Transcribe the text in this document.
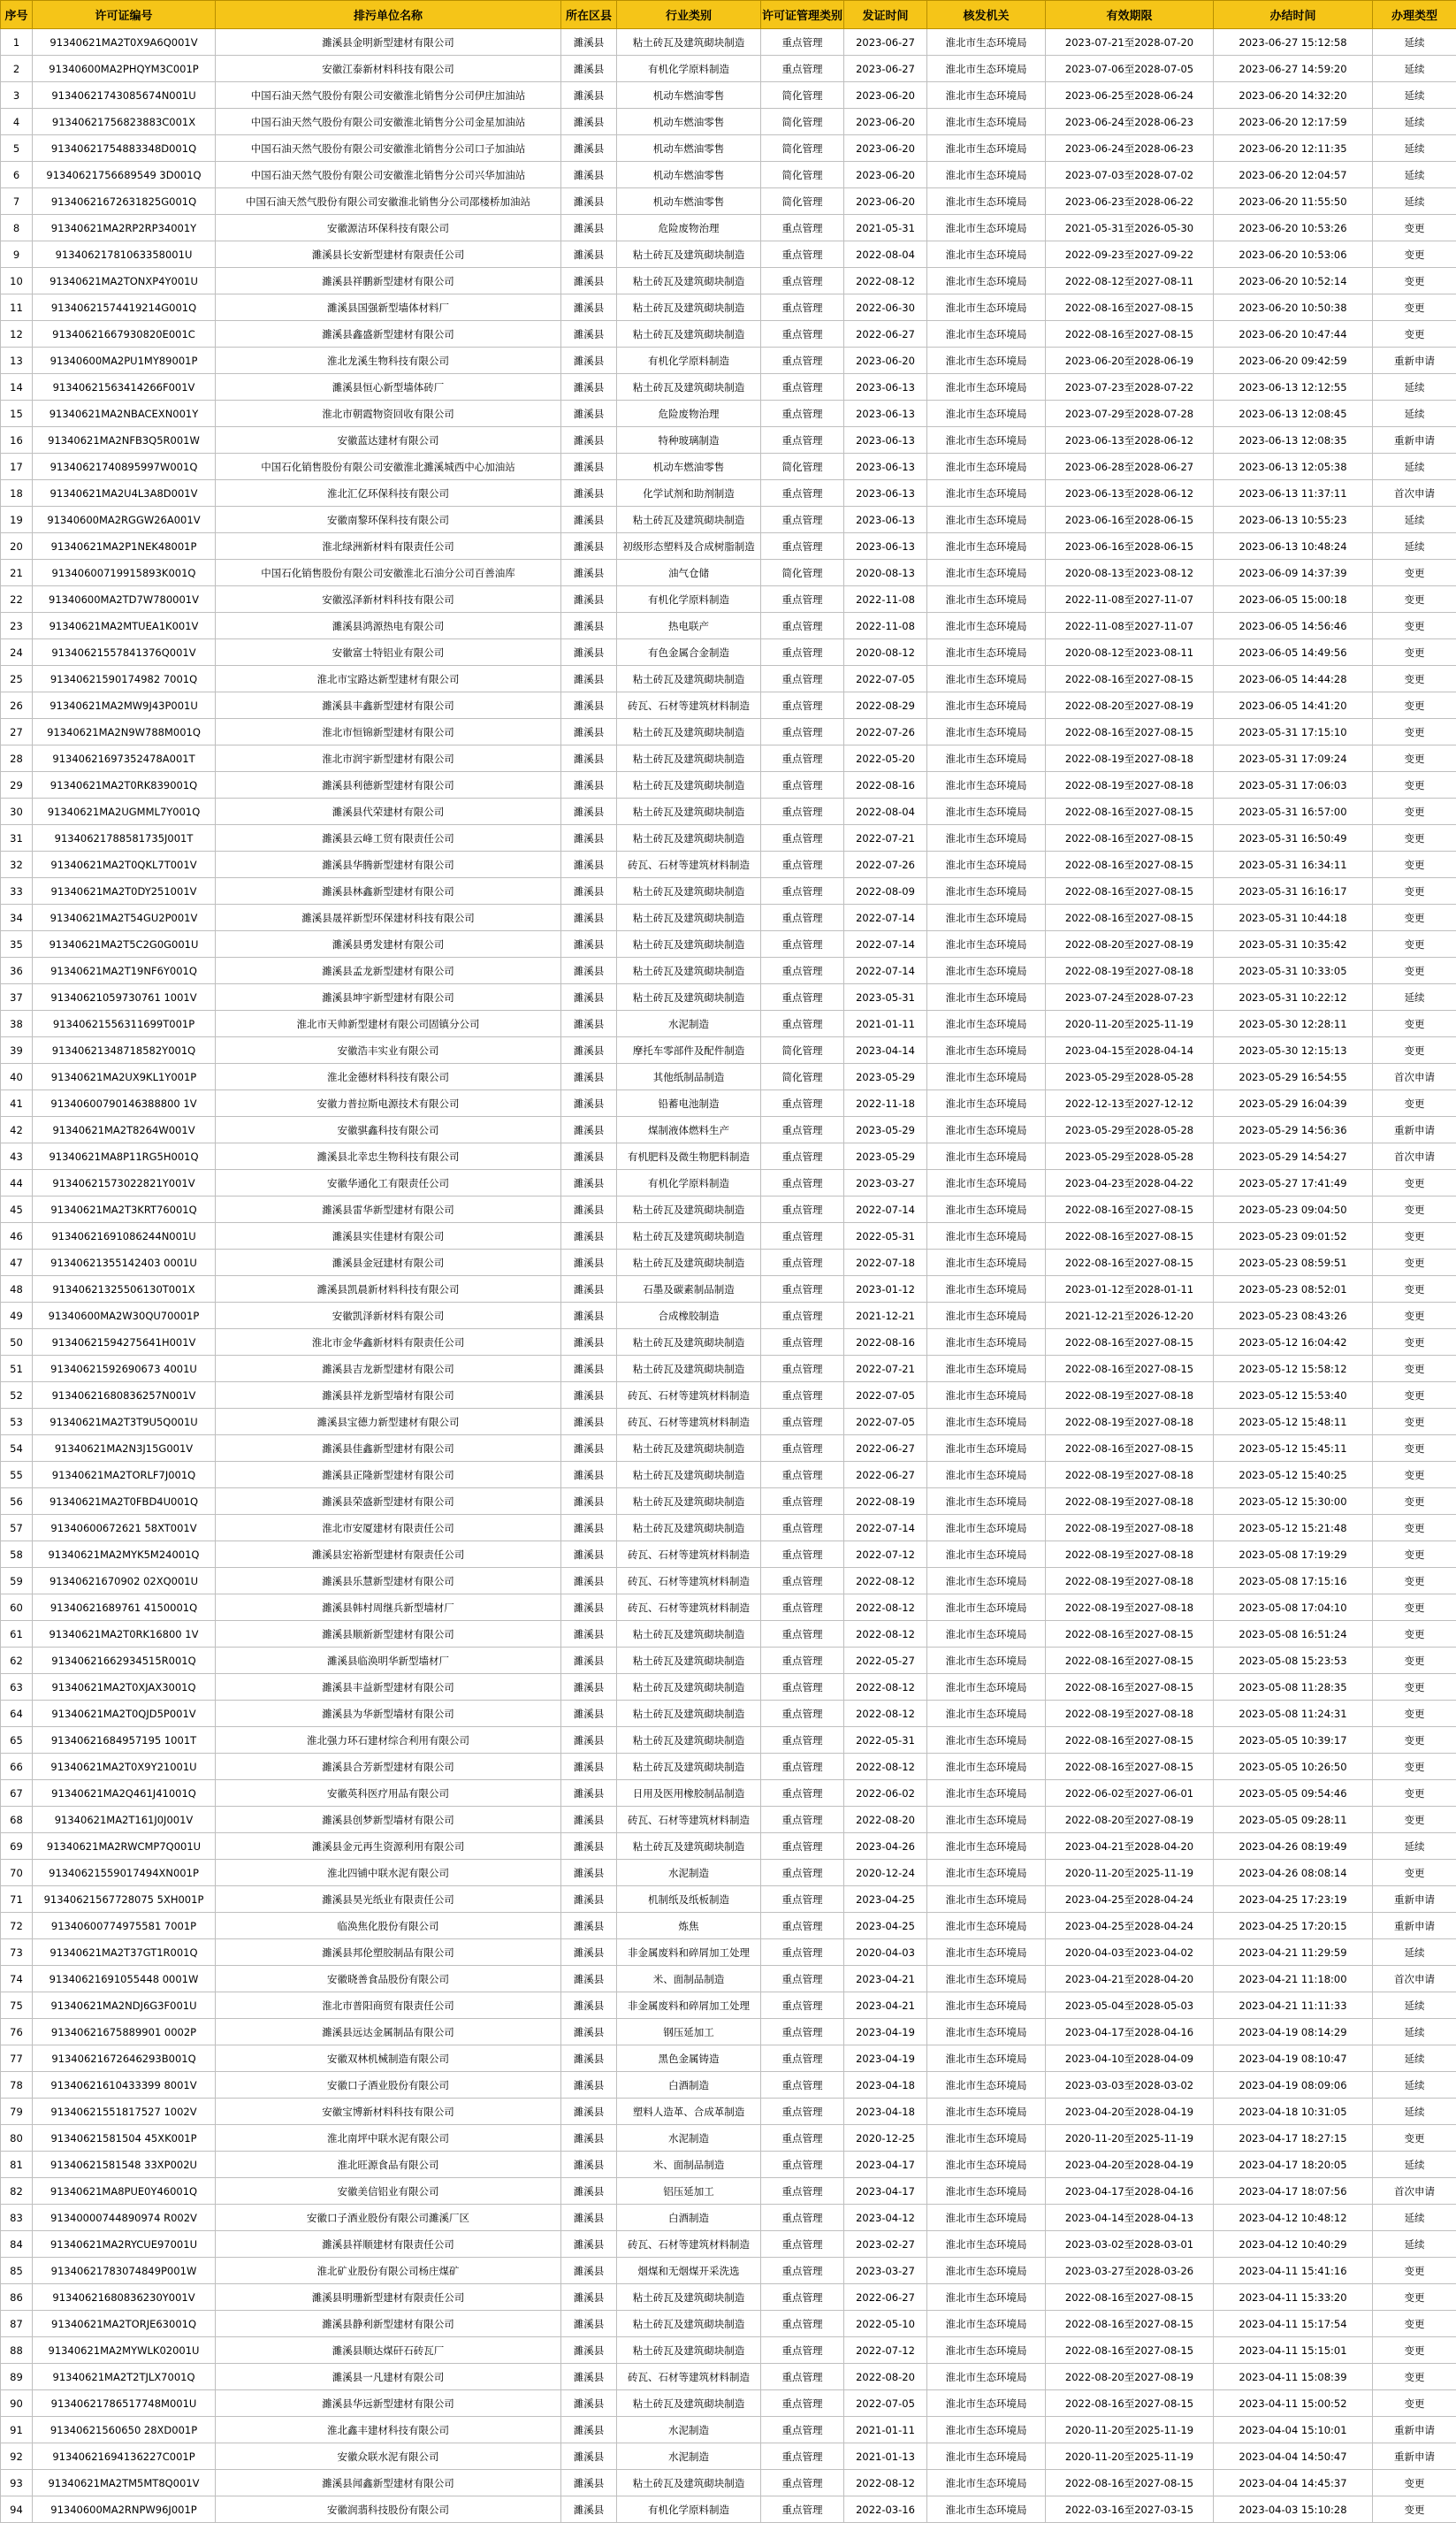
序号	许可证编号	排污单位名称	所在区县	行业类别	许可证管理类别	发证时间	核发机关	有效期限	办结时间	办理类型
1	91340621MA2T0X9A6Q001V	濉溪县金明新型建材有限公司	濉溪县	粘土砖瓦及建筑砌块制造	重点管理	2023-06-27	淮北市生态环境局	2023-07-21至2028-07-20	2023-06-27 15:12:58	延续
2	91340600MA2PHQYM3C001P	安徽江泰新材料科技有限公司	濉溪县	有机化学原料制造	重点管理	2023-06-27	淮北市生态环境局	2023-07-06至2028-07-05	2023-06-27 14:59:20	延续
3	91340621743085674N001U	中国石油天然气股份有限公司安徽淮北销售分公司伊庄加油站	濉溪县	机动车燃油零售	简化管理	2023-06-20	淮北市生态环境局	2023-06-25至2028-06-24	2023-06-20 14:32:20	延续
4	91340621756823883C001X	中国石油天然气股份有限公司安徽淮北销售分公司金星加油站	濉溪县	机动车燃油零售	简化管理	2023-06-20	淮北市生态环境局	2023-06-24至2028-06-23	2023-06-20 12:17:59	延续
5	91340621754883348D001Q	中国石油天然气股份有限公司安徽淮北销售分公司口子加油站	濉溪县	机动车燃油零售	简化管理	2023-06-20	淮北市生态环境局	2023-06-24至2028-06-23	2023-06-20 12:11:35	延续
6	91340621756689549 3D001Q	中国石油天然气股份有限公司安徽淮北销售分公司兴华加油站	濉溪县	机动车燃油零售	简化管理	2023-06-20	淮北市生态环境局	2023-07-03至2028-07-02	2023-06-20 12:04:57	延续
7	91340621672631825G001Q	中国石油天然气股份有限公司安徽淮北销售分公司邵楼桥加油站	濉溪县	机动车燃油零售	简化管理	2023-06-20	淮北市生态环境局	2023-06-23至2028-06-22	2023-06-20 11:55:50	延续
8	91340621MA2RP2RP34001Y	安徽源洁环保科技有限公司	濉溪县	危险废物治理	重点管理	2021-05-31	淮北市生态环境局	2021-05-31至2026-05-30	2023-06-20 10:53:26	变更
9	91340621781063358001U	濉溪县长安新型建材有限责任公司	濉溪县	粘土砖瓦及建筑砌块制造	重点管理	2022-08-04	淮北市生态环境局	2022-09-23至2027-09-22	2023-06-20 10:53:06	变更
10	91340621MA2TONXP4Y001U	濉溪县祥鹏新型建材有限公司	濉溪县	粘土砖瓦及建筑砌块制造	重点管理	2022-08-12	淮北市生态环境局	2022-08-12至2027-08-11	2023-06-20 10:52:14	变更
11	91340621574419214G001Q	濉溪县国强新型墙体材料厂	濉溪县	粘土砖瓦及建筑砌块制造	重点管理	2022-06-30	淮北市生态环境局	2022-08-16至2027-08-15	2023-06-20 10:50:38	变更
12	91340621667930820E001C	濉溪县鑫盛新型建材有限公司	濉溪县	粘土砖瓦及建筑砌块制造	重点管理	2022-06-27	淮北市生态环境局	2022-08-16至2027-08-15	2023-06-20 10:47:44	变更
13	91340600MA2PU1MY89001P	淮北龙溪生物科技有限公司	濉溪县	有机化学原料制造	重点管理	2023-06-20	淮北市生态环境局	2023-06-20至2028-06-19	2023-06-20 09:42:59	重新申请
14	91340621563414266F001V	濉溪县恒心新型墙体砖厂	濉溪县	粘土砖瓦及建筑砌块制造	重点管理	2023-06-13	淮北市生态环境局	2023-07-23至2028-07-22	2023-06-13 12:12:55	延续
15	91340621MA2NBACEXN001Y	淮北市朝霞物资回收有限公司	濉溪县	危险废物治理	重点管理	2023-06-13	淮北市生态环境局	2023-07-29至2028-07-28	2023-06-13 12:08:45	延续
16	91340621MA2NFB3Q5R001W	安徽蓝达建材有限公司	濉溪县	特种玻璃制造	重点管理	2023-06-13	淮北市生态环境局	2023-06-13至2028-06-12	2023-06-13 12:08:35	重新申请
17	91340621740895997W001Q	中国石化销售股份有限公司安徽淮北濉溪城西中心加油站	濉溪县	机动车燃油零售	简化管理	2023-06-13	淮北市生态环境局	2023-06-28至2028-06-27	2023-06-13 12:05:38	延续
18	91340621MA2U4L3A8D001V	淮北汇亿环保科技有限公司	濉溪县	化学试剂和助剂制造	重点管理	2023-06-13	淮北市生态环境局	2023-06-13至2028-06-12	2023-06-13 11:37:11	首次申请
19	91340600MA2RGGW26A001V	安徽南黎环保科技有限公司	濉溪县	粘土砖瓦及建筑砌块制造	重点管理	2023-06-13	淮北市生态环境局	2023-06-16至2028-06-15	2023-06-13 10:55:23	延续
20	91340621MA2P1NEK48001P	淮北绿洲新材料有限责任公司	濉溪县	初级形态塑料及合成树脂制造	重点管理	2023-06-13	淮北市生态环境局	2023-06-16至2028-06-15	2023-06-13 10:48:24	延续
21	91340600719915893K001Q	中国石化销售股份有限公司安徽淮北石油分公司百善油库	濉溪县	油气仓储	简化管理	2020-08-13	淮北市生态环境局	2020-08-13至2023-08-12	2023-06-09 14:37:39	变更
22	91340600MA2TD7W780001V	安徽泓泽新材料科技有限公司	濉溪县	有机化学原料制造	重点管理	2022-11-08	淮北市生态环境局	2022-11-08至2027-11-07	2023-06-05 15:00:18	变更
23	91340621MA2MTUEA1K001V	濉溪县鸿源热电有限公司	濉溪县	热电联产	重点管理	2022-11-08	淮北市生态环境局	2022-11-08至2027-11-07	2023-06-05 14:56:46	变更
24	91340621557841376Q001V	安徽富士特铝业有限公司	濉溪县	有色金属合金制造	重点管理	2020-08-12	淮北市生态环境局	2020-08-12至2023-08-11	2023-06-05 14:49:56	变更
25	91340621590174982 7001Q	淮北市宝路达新型建材有限公司	濉溪县	粘土砖瓦及建筑砌块制造	重点管理	2022-07-05	淮北市生态环境局	2022-08-16至2027-08-15	2023-06-05 14:44:28	变更
26	91340621MA2MW9J43P001U	濉溪县丰鑫新型建材有限公司	濉溪县	砖瓦、石材等建筑材料制造	重点管理	2022-08-29	淮北市生态环境局	2022-08-20至2027-08-19	2023-06-05 14:41:20	变更
27	91340621MA2N9W788M001Q	淮北市恒锦新型建材有限公司	濉溪县	粘土砖瓦及建筑砌块制造	重点管理	2022-07-26	淮北市生态环境局	2022-08-16至2027-08-15	2023-05-31 17:15:10	变更
28	91340621697352478A001T	淮北市润宇新型建材有限公司	濉溪县	粘土砖瓦及建筑砌块制造	重点管理	2022-05-20	淮北市生态环境局	2022-08-19至2027-08-18	2023-05-31 17:09:24	变更
29	91340621MA2T0RK839001Q	濉溪县利德新型建材有限公司	濉溪县	粘土砖瓦及建筑砌块制造	重点管理	2022-08-16	淮北市生态环境局	2022-08-19至2027-08-18	2023-05-31 17:06:03	变更
30	91340621MA2UGMML7Y001Q	濉溪县代荣建材有限公司	濉溪县	粘土砖瓦及建筑砌块制造	重点管理	2022-08-04	淮北市生态环境局	2022-08-16至2027-08-15	2023-05-31 16:57:00	变更
31	91340621788581735J001T	濉溪县云峰工贸有限责任公司	濉溪县	粘土砖瓦及建筑砌块制造	重点管理	2022-07-21	淮北市生态环境局	2022-08-16至2027-08-15	2023-05-31 16:50:49	变更
32	91340621MA2T0QKL7T001V	濉溪县华腾新型建材有限公司	濉溪县	砖瓦、石材等建筑材料制造	重点管理	2022-07-26	淮北市生态环境局	2022-08-16至2027-08-15	2023-05-31 16:34:11	变更
33	91340621MA2T0DY251001V	濉溪县林鑫新型建材有限公司	濉溪县	粘土砖瓦及建筑砌块制造	重点管理	2022-08-09	淮北市生态环境局	2022-08-16至2027-08-15	2023-05-31 16:16:17	变更
34	91340621MA2T54GU2P001V	濉溪县晟祥新型环保建材科技有限公司	濉溪县	粘土砖瓦及建筑砌块制造	重点管理	2022-07-14	淮北市生态环境局	2022-08-16至2027-08-15	2023-05-31 10:44:18	变更
35	91340621MA2T5C2G0G001U	濉溪县勇发建材有限公司	濉溪县	粘土砖瓦及建筑砌块制造	重点管理	2022-07-14	淮北市生态环境局	2022-08-20至2027-08-19	2023-05-31 10:35:42	变更
36	91340621MA2T19NF6Y001Q	濉溪县孟龙新型建材有限公司	濉溪县	粘土砖瓦及建筑砌块制造	重点管理	2022-07-14	淮北市生态环境局	2022-08-19至2027-08-18	2023-05-31 10:33:05	变更
37	91340621059730761 1001V	濉溪县坤宇新型建材有限公司	濉溪县	粘土砖瓦及建筑砌块制造	重点管理	2023-05-31	淮北市生态环境局	2023-07-24至2028-07-23	2023-05-31 10:22:12	延续
38	91340621556311699T001P	淮北市天帅新型建材有限公司固镇分公司	濉溪县	水泥制造	重点管理	2021-01-11	淮北市生态环境局	2020-11-20至2025-11-19	2023-05-30 12:28:11	变更
39	91340621348718582Y001Q	安徽浩丰实业有限公司	濉溪县	摩托车零部件及配件制造	简化管理	2023-04-14	淮北市生态环境局	2023-04-15至2028-04-14	2023-05-30 12:15:13	变更
40	91340621MA2UX9KL1Y001P	淮北金德材料科技有限公司	濉溪县	其他纸制品制造	简化管理	2023-05-29	淮北市生态环境局	2023-05-29至2028-05-28	2023-05-29 16:54:55	首次申请
41	91340600790146388800 1V	安徽力普拉斯电源技术有限公司	濉溪县	铅蓄电池制造	重点管理	2022-11-18	淮北市生态环境局	2022-12-13至2027-12-12	2023-05-29 16:04:39	变更
42	91340621MA2T8264W001V	安徽骐鑫科技有限公司	濉溪县	煤制液体燃料生产	重点管理	2023-05-29	淮北市生态环境局	2023-05-29至2028-05-28	2023-05-29 14:56:36	重新申请
43	91340621MA8P11RG5H001Q	濉溪县北幸忠生物科技有限公司	濉溪县	有机肥料及微生物肥料制造	重点管理	2023-05-29	淮北市生态环境局	2023-05-29至2028-05-28	2023-05-29 14:54:27	首次申请
44	91340621573022821Y001V	安徽华通化工有限责任公司	濉溪县	有机化学原料制造	重点管理	2023-03-27	淮北市生态环境局	2023-04-23至2028-04-22	2023-05-27 17:41:49	变更
45	91340621MA2T3KRT76001Q	濉溪县雷华新型建材有限公司	濉溪县	粘土砖瓦及建筑砌块制造	重点管理	2022-07-14	淮北市生态环境局	2022-08-16至2027-08-15	2023-05-23 09:04:50	变更
46	91340621691086244N001U	濉溪县实佳建材有限公司	濉溪县	粘土砖瓦及建筑砌块制造	重点管理	2022-05-31	淮北市生态环境局	2022-08-16至2027-08-15	2023-05-23 09:01:52	变更
47	91340621355142403 0001U	濉溪县金冠建材有限公司	濉溪县	粘土砖瓦及建筑砌块制造	重点管理	2022-07-18	淮北市生态环境局	2022-08-16至2027-08-15	2023-05-23 08:59:51	变更
48	91340621325506130T001X	濉溪县凯晨新材料科技有限公司	濉溪县	石墨及碳素制品制造	重点管理	2023-01-12	淮北市生态环境局	2023-01-12至2028-01-11	2023-05-23 08:52:01	变更
49	91340600MA2W30QU70001P	安徽凯泽新材料有限公司	濉溪县	合成橡胶制造	重点管理	2021-12-21	淮北市生态环境局	2021-12-21至2026-12-20	2023-05-23 08:43:26	变更
50	91340621594275641H001V	淮北市金华鑫新材料有限责任公司	濉溪县	粘土砖瓦及建筑砌块制造	重点管理	2022-08-16	淮北市生态环境局	2022-08-16至2027-08-15	2023-05-12 16:04:42	变更
51	91340621592690673 4001U	濉溪县吉龙新型建材有限公司	濉溪县	粘土砖瓦及建筑砌块制造	重点管理	2022-07-21	淮北市生态环境局	2022-08-16至2027-08-15	2023-05-12 15:58:12	变更
52	91340621680836257N001V	濉溪县祥龙新型墙材有限公司	濉溪县	砖瓦、石材等建筑材料制造	重点管理	2022-07-05	淮北市生态环境局	2022-08-19至2027-08-18	2023-05-12 15:53:40	变更
53	91340621MA2T3T9U5Q001U	濉溪县宝德力新型建材有限公司	濉溪县	砖瓦、石材等建筑材料制造	重点管理	2022-07-05	淮北市生态环境局	2022-08-19至2027-08-18	2023-05-12 15:48:11	变更
54	91340621MA2N3J15G001V	濉溪县佳鑫新型建材有限公司	濉溪县	粘土砖瓦及建筑砌块制造	重点管理	2022-06-27	淮北市生态环境局	2022-08-16至2027-08-15	2023-05-12 15:45:11	变更
55	91340621MA2TORLF7J001Q	濉溪县正隆新型建材有限公司	濉溪县	粘土砖瓦及建筑砌块制造	重点管理	2022-06-27	淮北市生态环境局	2022-08-19至2027-08-18	2023-05-12 15:40:25	变更
56	91340621MA2T0FBD4U001Q	濉溪县荣盛新型建材有限公司	濉溪县	粘土砖瓦及建筑砌块制造	重点管理	2022-08-19	淮北市生态环境局	2022-08-19至2027-08-18	2023-05-12 15:30:00	变更
57	91340600672621 58XT001V	淮北市安厦建材有限责任公司	濉溪县	粘土砖瓦及建筑砌块制造	重点管理	2022-07-14	淮北市生态环境局	2022-08-19至2027-08-18	2023-05-12 15:21:48	变更
58	91340621MA2MYK5M24001Q	濉溪县宏裕新型建材有限责任公司	濉溪县	砖瓦、石材等建筑材料制造	重点管理	2022-07-12	淮北市生态环境局	2022-08-19至2027-08-18	2023-05-08 17:19:29	变更
59	91340621670902 02XQ001U	濉溪县乐慧新型建材有限公司	濉溪县	砖瓦、石材等建筑材料制造	重点管理	2022-08-12	淮北市生态环境局	2022-08-19至2027-08-18	2023-05-08 17:15:16	变更
60	91340621689761 4150001Q	濉溪县韩村周继兵新型墙材厂	濉溪县	砖瓦、石材等建筑材料制造	重点管理	2022-08-12	淮北市生态环境局	2022-08-19至2027-08-18	2023-05-08 17:04:10	变更
61	91340621MA2T0RK16800 1V	濉溪县顺新新型建材有限公司	濉溪县	粘土砖瓦及建筑砌块制造	重点管理	2022-08-12	淮北市生态环境局	2022-08-16至2027-08-15	2023-05-08 16:51:24	变更
62	91340621662934515R001Q	濉溪县临涣明华新型墙材厂	濉溪县	粘土砖瓦及建筑砌块制造	重点管理	2022-05-27	淮北市生态环境局	2022-08-16至2027-08-15	2023-05-08 15:23:53	变更
63	91340621MA2T0XJAX3001Q	濉溪县丰益新型建材有限公司	濉溪县	粘土砖瓦及建筑砌块制造	重点管理	2022-08-12	淮北市生态环境局	2022-08-16至2027-08-15	2023-05-08 11:28:35	变更
64	91340621MA2T0QJD5P001V	濉溪县为华新型墙材有限公司	濉溪县	粘土砖瓦及建筑砌块制造	重点管理	2022-08-12	淮北市生态环境局	2022-08-19至2027-08-18	2023-05-08 11:24:31	变更
65	91340621684957195 1001T	淮北强力环石建材综合利用有限公司	濉溪县	粘土砖瓦及建筑砌块制造	重点管理	2022-05-31	淮北市生态环境局	2022-08-16至2027-08-15	2023-05-05 10:39:17	变更
66	91340621MA2T0X9Y21001U	濉溪县合芳新型建材有限公司	濉溪县	粘土砖瓦及建筑砌块制造	重点管理	2022-08-12	淮北市生态环境局	2022-08-16至2027-08-15	2023-05-05 10:26:50	变更
67	91340621MA2Q461J41001Q	安徽英科医疗用品有限公司	濉溪县	日用及医用橡胶制品制造	重点管理	2022-06-02	淮北市生态环境局	2022-06-02至2027-06-01	2023-05-05 09:54:46	变更
68	91340621MA2T161J0J001V	濉溪县创梦新型墙材有限公司	濉溪县	砖瓦、石材等建筑材料制造	重点管理	2022-08-20	淮北市生态环境局	2022-08-20至2027-08-19	2023-05-05 09:28:11	变更
69	91340621MA2RWCMP7Q001U	濉溪县金元再生资源利用有限公司	濉溪县	粘土砖瓦及建筑砌块制造	重点管理	2023-04-26	淮北市生态环境局	2023-04-21至2028-04-20	2023-04-26 08:19:49	延续
70	91340621559017494XN001P	淮北四铺中联水泥有限公司	濉溪县	水泥制造	重点管理	2020-12-24	淮北市生态环境局	2020-11-20至2025-11-19	2023-04-26 08:08:14	变更
71	91340621567728075 5XH001P	濉溪县昊光纸业有限责任公司	濉溪县	机制纸及纸板制造	重点管理	2023-04-25	淮北市生态环境局	2023-04-25至2028-04-24	2023-04-25 17:23:19	重新申请
72	91340600774975581 7001P	临涣焦化股份有限公司	濉溪县	炼焦	重点管理	2023-04-25	淮北市生态环境局	2023-04-25至2028-04-24	2023-04-25 17:20:15	重新申请
73	91340621MA2T37GT1R001Q	濉溪县邦伦塑胶制品有限公司	濉溪县	非金属废料和碎屑加工处理	重点管理	2020-04-03	淮北市生态环境局	2020-04-03至2023-04-02	2023-04-21 11:29:59	延续
74	91340621691055448 0001W	安徽晓善食品股份有限公司	濉溪县	米、面制品制造	重点管理	2023-04-21	淮北市生态环境局	2023-04-21至2028-04-20	2023-04-21 11:18:00	首次申请
75	91340621MA2NDJ6G3F001U	淮北市普阳商贸有限责任公司	濉溪县	非金属废料和碎屑加工处理	重点管理	2023-04-21	淮北市生态环境局	2023-05-04至2028-05-03	2023-04-21 11:11:33	延续
76	91340621675889901 0002P	濉溪县远达金属制品有限公司	濉溪县	钢压延加工	重点管理	2023-04-19	淮北市生态环境局	2023-04-17至2028-04-16	2023-04-19 08:14:29	延续
77	91340621672646293B001Q	安徽双林机械制造有限公司	濉溪县	黑色金属铸造	重点管理	2023-04-19	淮北市生态环境局	2023-04-10至2028-04-09	2023-04-19 08:10:47	延续
78	91340621610433399 8001V	安徽口子酒业股份有限公司	濉溪县	白酒制造	重点管理	2023-04-18	淮北市生态环境局	2023-03-03至2028-03-02	2023-04-19 08:09:06	延续
79	91340621551817527 1002V	安徽宝博新材料科技有限公司	濉溪县	塑料人造革、合成革制造	重点管理	2023-04-18	淮北市生态环境局	2023-04-20至2028-04-19	2023-04-18 10:31:05	延续
80	91340621581504 45XK001P	淮北南坪中联水泥有限公司	濉溪县	水泥制造	重点管理	2020-12-25	淮北市生态环境局	2020-11-20至2025-11-19	2023-04-17 18:27:15	变更
81	91340621581548 33XP002U	淮北旺源食品有限公司	濉溪县	米、面制品制造	重点管理	2023-04-17	淮北市生态环境局	2023-04-20至2028-04-19	2023-04-17 18:20:05	延续
82	91340621MA8PUE0Y46001Q	安徽美信铝业有限公司	濉溪县	铝压延加工	重点管理	2023-04-17	淮北市生态环境局	2023-04-17至2028-04-16	2023-04-17 18:07:56	首次申请
83	91340000744890974 R002V	安徽口子酒业股份有限公司濉溪厂区	濉溪县	白酒制造	重点管理	2023-04-12	淮北市生态环境局	2023-04-14至2028-04-13	2023-04-12 10:48:12	延续
84	91340621MA2RYCUE97001U	濉溪县祥顺建材有限责任公司	濉溪县	砖瓦、石材等建筑材料制造	重点管理	2023-02-27	淮北市生态环境局	2023-03-02至2028-03-01	2023-04-12 10:40:29	延续
85	91340621783074849P001W	淮北矿业股份有限公司杨庄煤矿	濉溪县	烟煤和无烟煤开采洗选	重点管理	2023-03-27	淮北市生态环境局	2023-03-27至2028-03-26	2023-04-11 15:41:16	变更
86	91340621680836230Y001V	濉溪县明珊新型建材有限责任公司	濉溪县	粘土砖瓦及建筑砌块制造	重点管理	2022-06-27	淮北市生态环境局	2022-08-16至2027-08-15	2023-04-11 15:33:20	变更
87	91340621MA2TORJE63001Q	濉溪县静利新型建材有限公司	濉溪县	粘土砖瓦及建筑砌块制造	重点管理	2022-05-10	淮北市生态环境局	2022-08-16至2027-08-15	2023-04-11 15:17:54	变更
88	91340621MA2MYWLK02001U	濉溪县顺达煤矸石砖瓦厂	濉溪县	粘土砖瓦及建筑砌块制造	重点管理	2022-07-12	淮北市生态环境局	2022-08-16至2027-08-15	2023-04-11 15:15:01	变更
89	91340621MA2T2TJLX7001Q	濉溪县一凡建材有限公司	濉溪县	砖瓦、石材等建筑材料制造	重点管理	2022-08-20	淮北市生态环境局	2022-08-20至2027-08-19	2023-04-11 15:08:39	变更
90	91340621786517748M001U	濉溪县华远新型建材有限公司	濉溪县	粘土砖瓦及建筑砌块制造	重点管理	2022-07-05	淮北市生态环境局	2022-08-16至2027-08-15	2023-04-11 15:00:52	变更
91	91340621560650 28XD001P	淮北鑫丰建材科技有限公司	濉溪县	水泥制造	重点管理	2021-01-11	淮北市生态环境局	2020-11-20至2025-11-19	2023-04-04 15:10:01	重新申请
92	91340621694136227C001P	安徽众联水泥有限公司	濉溪县	水泥制造	重点管理	2021-01-13	淮北市生态环境局	2020-11-20至2025-11-19	2023-04-04 14:50:47	重新申请
93	91340621MA2TM5MT8Q001V	濉溪县闻鑫新型建材有限公司	濉溪县	粘土砖瓦及建筑砌块制造	重点管理	2022-08-12	淮北市生态环境局	2022-08-16至2027-08-15	2023-04-04 14:45:37	变更
94	91340600MA2RNPW96J001P	安徽润翡科技股份有限公司	濉溪县	有机化学原料制造	重点管理	2022-03-16	淮北市生态环境局	2022-03-16至2027-03-15	2023-04-03 15:10:28	变更
